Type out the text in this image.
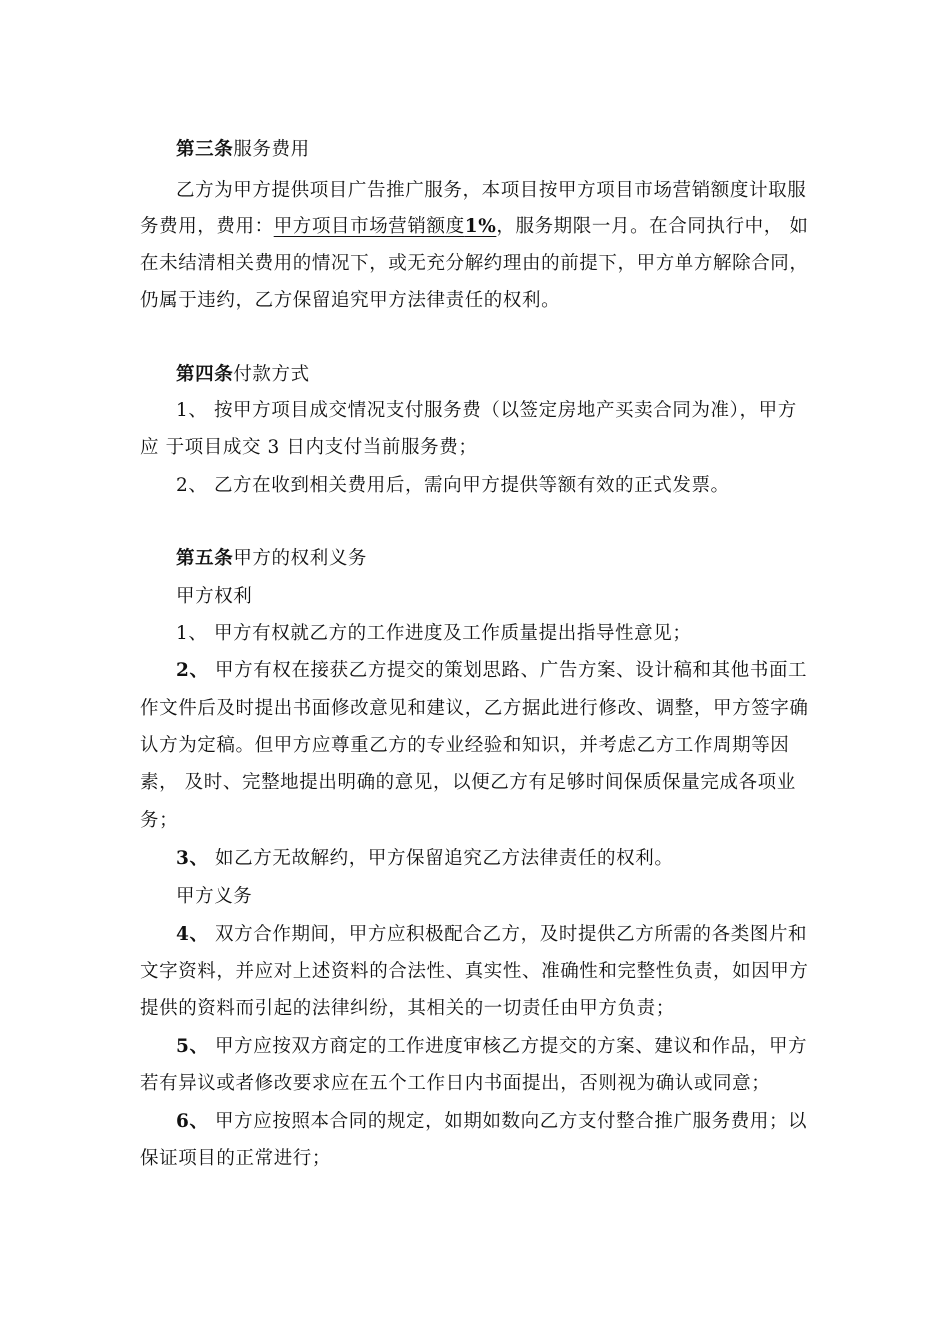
第三条服务费用
乙方为甲方提供项目广告推广服务，本项目按甲方项目市场营销额度计取服
务费用，费用：甲方项目市场营销额度1%，服务期限一月。在合同执行中， 如
在未结清相关费用的情况下，或无充分解约理由的前提下，甲方单方解除合同，
仍属于违约，乙方保留追究甲方法律责任的权利。
第四条付款方式
1、 按甲方项目成交情况支付服务费（以签定房地产买卖合同为准），甲方
应 于项目成交 3 日内支付当前服务费；
2、 乙方在收到相关费用后，需向甲方提供等额有效的正式发票。
第五条甲方的权利义务
甲方权利
1、 甲方有权就乙方的工作进度及工作质量提出指导性意见；
2、 甲方有权在接获乙方提交的策划思路、广告方案、设计稿和其他书面工
作文件后及时提出书面修改意见和建议，乙方据此进行修改、调整，甲方签字确
认方为定稿。但甲方应尊重乙方的专业经验和知识，并考虑乙方工作周期等因
素， 及时、完整地提出明确的意见，以便乙方有足够时间保质保量完成各项业
务；
3、 如乙方无故解约，甲方保留追究乙方法律责任的权利。
甲方义务
4、 双方合作期间，甲方应积极配合乙方，及时提供乙方所需的各类图片和
文字资料，并应对上述资料的合法性、真实性、准确性和完整性负责，如因甲方
提供的资料而引起的法律纠纷，其相关的一切责任由甲方负责；
5、 甲方应按双方商定的工作进度审核乙方提交的方案、建议和作品，甲方
若有异议或者修改要求应在五个工作日内书面提出，否则视为确认或同意；
6、 甲方应按照本合同的规定，如期如数向乙方支付整合推广服务费用；以
保证项目的正常进行；
